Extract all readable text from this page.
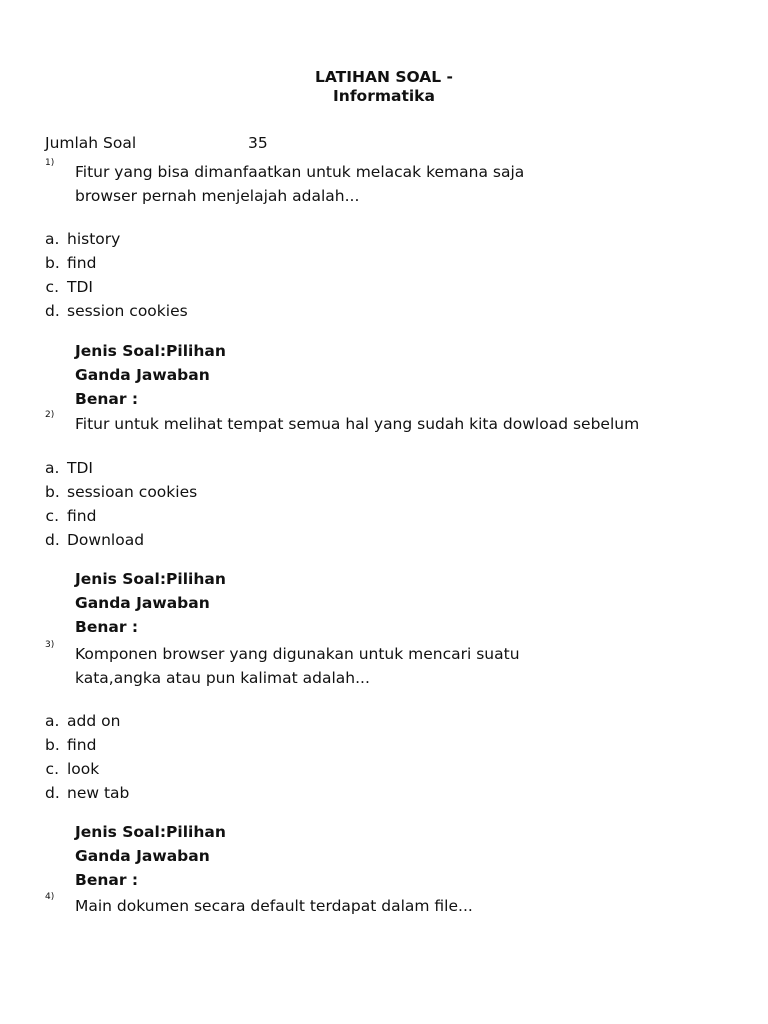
LATIHAN SOAL -
Informatika
Jumlah Soal	35
1) Fitur yang bisa dimanfaatkan untuk melacak kemana saja
browser pernah menjelajah adalah...
a. history
b. find
c. TDI
d. session cookies
Jenis Soal:Pilihan
Ganda Jawaban
Benar :
2) Fitur untuk melihat tempat semua hal yang sudah kita dowload sebelum
a. TDI
b. sessioan cookies
c. find
d. Download
Jenis Soal:Pilihan
Ganda Jawaban
Benar :
3) Komponen browser yang digunakan untuk mencari suatu
kata,angka atau pun kalimat adalah...
a. add on
b. find
c. look
d. new tab
Jenis Soal:Pilihan
Ganda Jawaban
Benar :
4) Main dokumen secara default terdapat dalam file...
